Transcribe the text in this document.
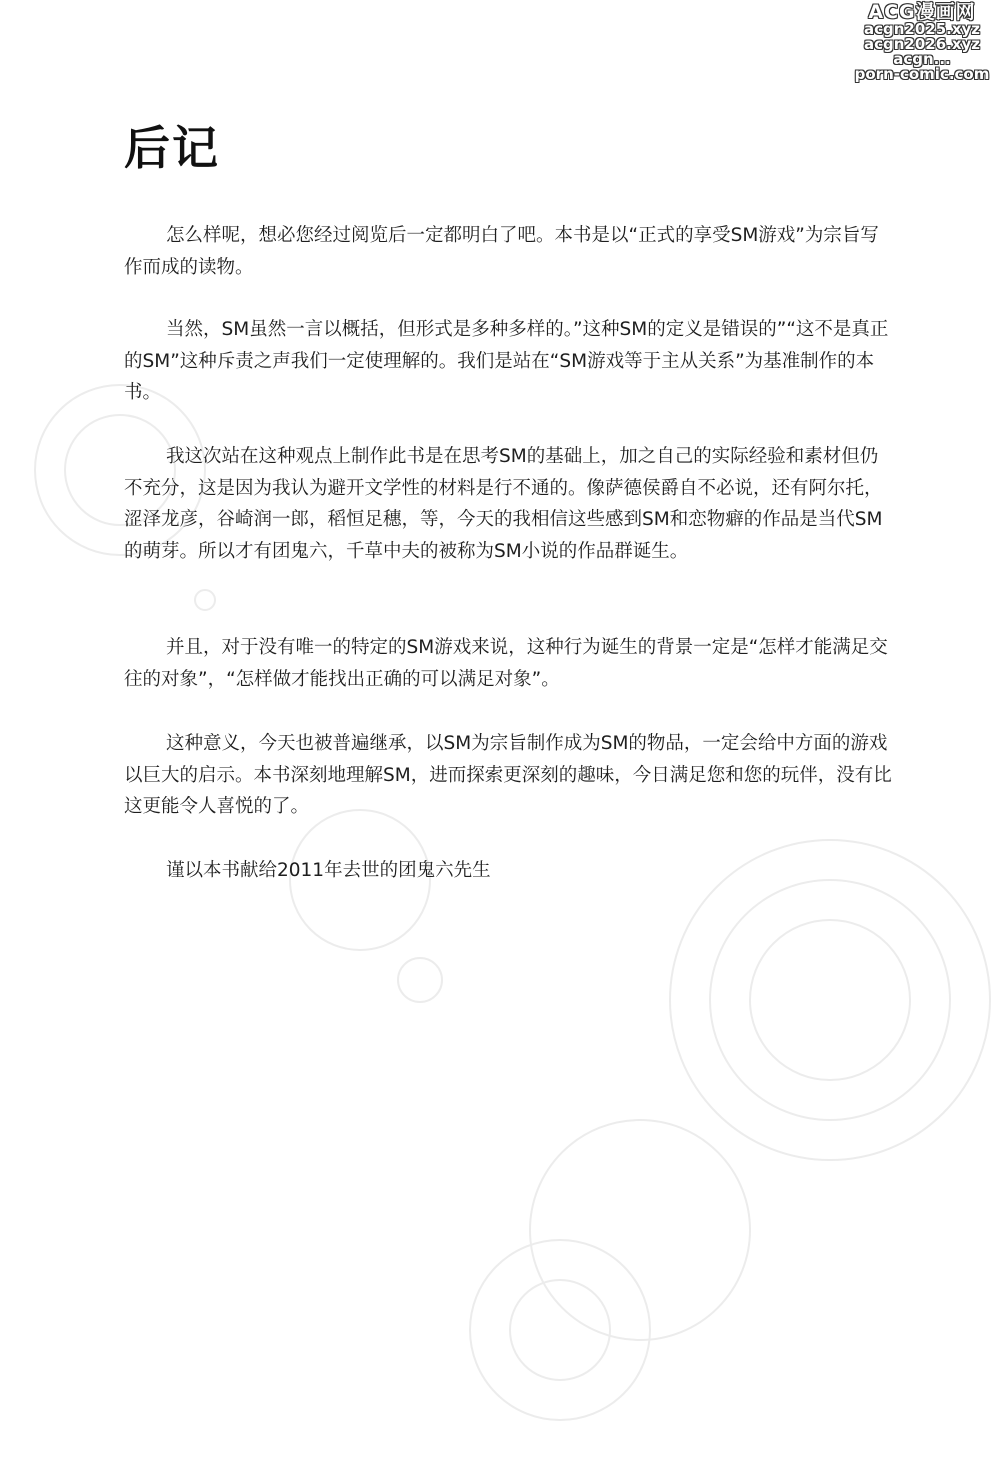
ACG漫画网
acgn2025.xyz
acgn2026.xyz
acgn...
porn-comic.com
后记

怎么样呢，想必您经过阅览后一定都明白了吧。本书是以“正式的享受SM游戏”为宗旨写作而成的读物。

当然，SM虽然一言以概括，但形式是多种多样的。”这种SM的定义是错误的”“这不是真正的SM”这种斥责之声我们一定使理解的。我们是站在“SM游戏等于主从关系”为基准制作的本书。

我这次站在这种观点上制作此书是在思考SM的基础上，加之自己的实际经验和素材但仍不充分，这是因为我认为避开文学性的材料是行不通的。像萨德侯爵自不必说，还有阿尔托，涩泽龙彦，谷崎润一郎，稻恒足穗，等，今天的我相信这些感到SM和恋物癖的作品是当代SM的萌芽。所以才有团鬼六，千草中夫的被称为SM小说的作品群诞生。

并且，对于没有唯一的特定的SM游戏来说，这种行为诞生的背景一定是“怎样才能满足交往的对象”，“怎样做才能找出正确的可以满足对象”。

这种意义，今天也被普遍继承，以SM为宗旨制作成为SM的物品，一定会给中方面的游戏以巨大的启示。本书深刻地理解SM，进而探索更深刻的趣味，今日满足您和您的玩伴，没有比这更能令人喜悦的了。

谨以本书献给2011年去世的团鬼六先生
